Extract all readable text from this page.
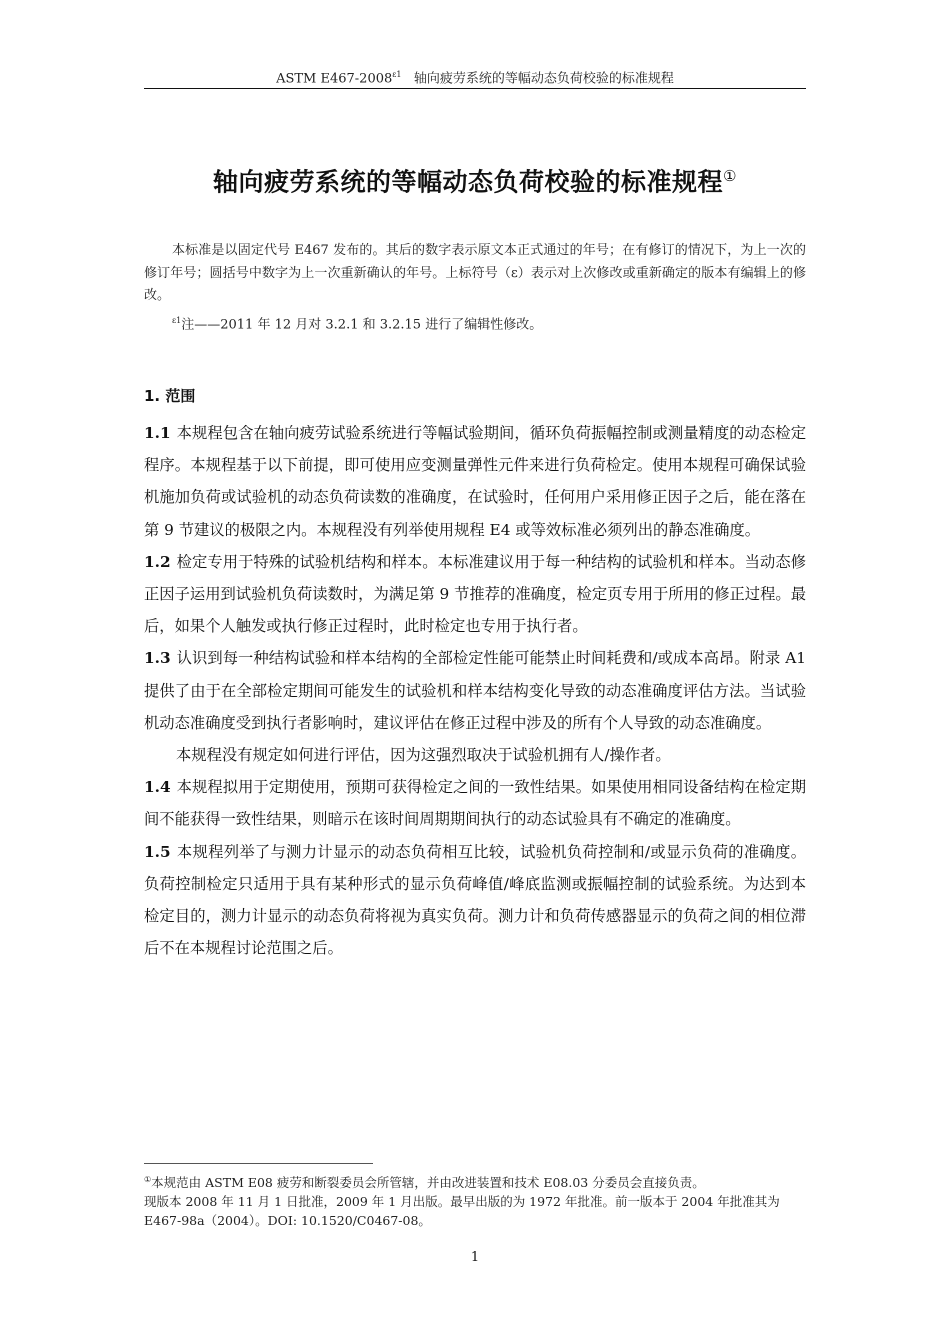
ASTM $E467-2008^{\varepsilon 1}$ 轴向疲劳系统的等幅动态负荷校验的标准规程
轴向疲劳系统的等幅动态负荷校验的标准规程①

本标准是以固定代号 E467 发布的。其后的数字表示原文本正式通过的年号；在有修订的情况下，为上一次的修订年号；圆括号中数字为上一次重新确认的年号。上标符号（ε）表示对上次修改或重新确定的版本有编辑上的修改。

$^{\varepsilon 1}$注——2011 年 12 月对 3.2.1 和 3.2.15 进行了编辑性修改。

1. 范围

1.1 本规程包含在轴向疲劳试验系统进行等幅试验期间，循环负荷振幅控制或测量精度的动态检定程序。本规程基于以下前提，即可使用应变测量弹性元件来进行负荷检定。使用本规程可确保试验机施加负荷或试验机的动态负荷读数的准确度，在试验时，任何用户采用修正因子之后，能在落在第 9 节建议的极限之内。本规程没有列举使用规程 E4 或等效标准必须列出的静态准确度。

1.2 检定专用于特殊的试验机结构和样本。本标准建议用于每一种结构的试验机和样本。当动态修正因子运用到试验机负荷读数时，为满足第 9 节推荐的准确度，检定页专用于所用的修正过程。最后，如果个人触发或执行修正过程时，此时检定也专用于执行者。

1.3 认识到每一种结构试验和样本结构的全部检定性能可能禁止时间耗费和/或成本高昂。附录 A1 提供了由于在全部检定期间可能发生的试验机和样本结构变化导致的动态准确度评估方法。当试验机动态准确度受到执行者影响时，建议评估在修正过程中涉及的所有个人导致的动态准确度。

本规程没有规定如何进行评估，因为这强烈取决于试验机拥有人/操作者。

1.4 本规程拟用于定期使用，预期可获得检定之间的一致性结果。如果使用相同设备结构在检定期间不能获得一致性结果，则暗示在该时间周期期间执行的动态试验具有不确定的准确度。

1.5 本规程列举了与测力计显示的动态负荷相互比较，试验机负荷控制和/或显示负荷的准确度。负荷控制检定只适用于具有某种形式的显示负荷峰值/峰底监测或振幅控制的试验系统。为达到本检定目的，测力计显示的动态负荷将视为真实负荷。测力计和负荷传感器显示的负荷之间的相位滞后不在本规程讨论范围之后。

①本规范由 ASTM E08 疲劳和断裂委员会所管辖，并由改进装置和技术 E08.03 分委员会直接负责。

现版本 2008 年 11 月 1 日批准，2009 年 1 月出版。最早出版的为 1972 年批准。前一版本于 2004 年批准其为 E467-98a（2004）。DOI: 10.1520/C0467-08。

1
